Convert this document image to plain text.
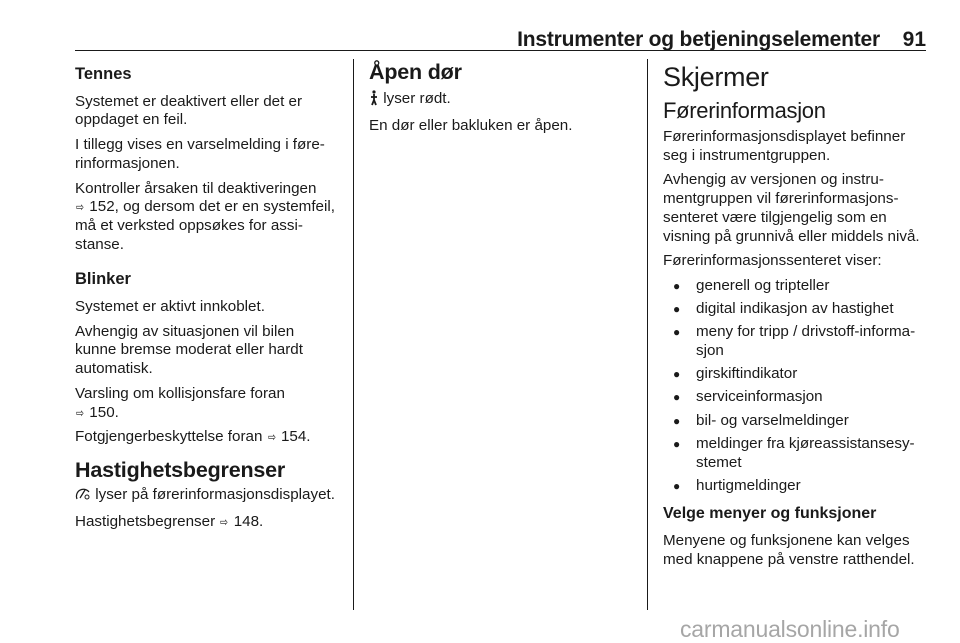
Instrumenter og betjeningselementer 91
Tennes

Systemet er deaktivert eller det er oppdaget en feil.

I tillegg vises en varselmelding i førerinformasjonen.

Kontroller årsaken til deaktiveringen
⇨ 152, og dersom det er en systemfeil, må et verksted oppsøkes for assistanse.

Blinker

Systemet er aktivt innkoblet.

Avhengig av situasjonen vil bilen kunne bremse moderat eller hardt automatisk.

Varsling om kollisjonsfare foran
⇨ 150.

Fotgjengerbeskyttelse foran ⇨ 154.

Hastighetsbegrenser

lyser på førerinformasjonsdisplayet.

Hastighetsbegrenser ⇨ 148.

Åpen dør

lyser rødt.

En dør eller bakluken er åpen.

Skjermer
Førerinformasjon

Førerinformasjonsdisplayet befinner seg i instrumentgruppen.

Avhengig av versjonen og instrumentgruppen vil førerinformasjonssenteret være tilgjengelig som en visning på grunnivå eller middels nivå.

Førerinformasjonssenteret viser:

● generell og tripteller
● digital indikasjon av hastighet
● meny for tripp / drivstoff-informasjon
● girskiftindikator
● serviceinformasjon
● bil- og varselmeldinger
● meldinger fra kjøreassistansesystemet
● hurtigmeldinger
Velge menyer og funksjoner

Menyene og funksjonene kan velges med knappene på venstre ratthendel.

carmanualsonline.info
